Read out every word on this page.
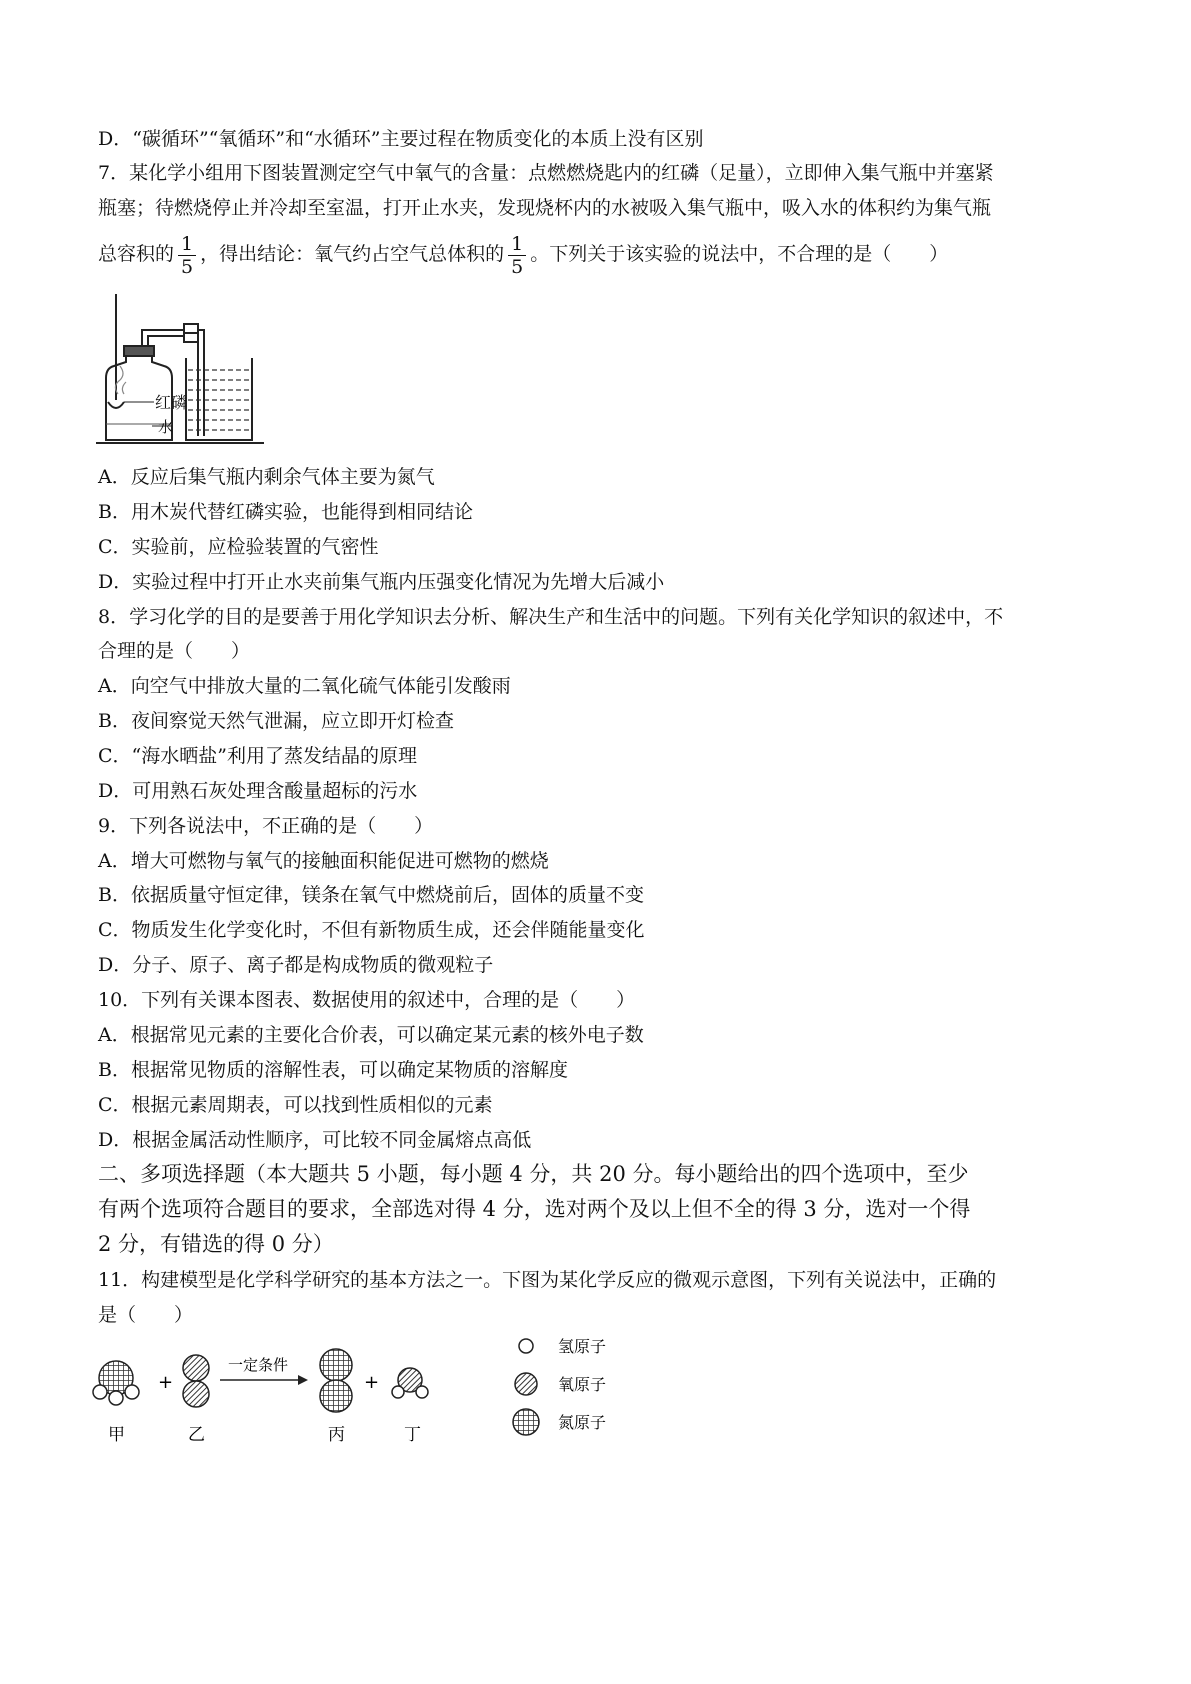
D．“碳循环”“氧循环”和“水循环”主要过程在物质变化的本质上没有区别
7．某化学小组用下图装置测定空气中氧气的含量：点燃燃烧匙内的红磷（足量），立即伸入集气瓶中并塞紧
瓶塞；待燃烧停止并冷却至室温，打开止水夹，发现烧杯内的水被吸入集气瓶中，吸入水的体积约为集气瓶
总容积的 $\frac{1}{5}$ ，得出结论：氧气约占空气总体积的 $\frac{1}{5}$ 。下列关于该实验的说法中，不合理的是（　　）
红磷
水
A．反应后集气瓶内剩余气体主要为氮气
B．用木炭代替红磷实验，也能得到相同结论
C．实验前，应检验装置的气密性
D．实验过程中打开止水夹前集气瓶内压强变化情况为先增大后减小
8．学习化学的目的是要善于用化学知识去分析、解决生产和生活中的问题。下列有关化学知识的叙述中，不
合理的是（　　）
A．向空气中排放大量的二氧化硫气体能引发酸雨
B．夜间察觉天然气泄漏，应立即开灯检查
C．“海水晒盐”利用了蒸发结晶的原理
D．可用熟石灰处理含酸量超标的污水
9．下列各说法中，不正确的是（　　）
A．增大可燃物与氧气的接触面积能促进可燃物的燃烧
B．依据质量守恒定律，镁条在氧气中燃烧前后，固体的质量不变
C．物质发生化学变化时，不但有新物质生成，还会伴随能量变化
D．分子、原子、离子都是构成物质的微观粒子
10．下列有关课本图表、数据使用的叙述中，合理的是（　　）
A．根据常见元素的主要化合价表，可以确定某元素的核外电子数
B．根据常见物质的溶解性表，可以确定某物质的溶解度
C．根据元素周期表，可以找到性质相似的元素
D．根据金属活动性顺序，可比较不同金属熔点高低
二、多项选择题（本大题共 5 小题，每小题 4 分，共 20 分。每小题给出的四个选项中，至少
有两个选项符合题目的要求，全部选对得 4 分，选对两个及以上但不全的得 3 分，选对一个得
2 分，有错选的得 0 分）
11．构建模型是化学科学研究的基本方法之一。下图为某化学反应的微观示意图，下列有关说法中，正确的
是（　　）
+
一定条件
+
甲	乙	丙	丁
氢原子
氧原子
氮原子
